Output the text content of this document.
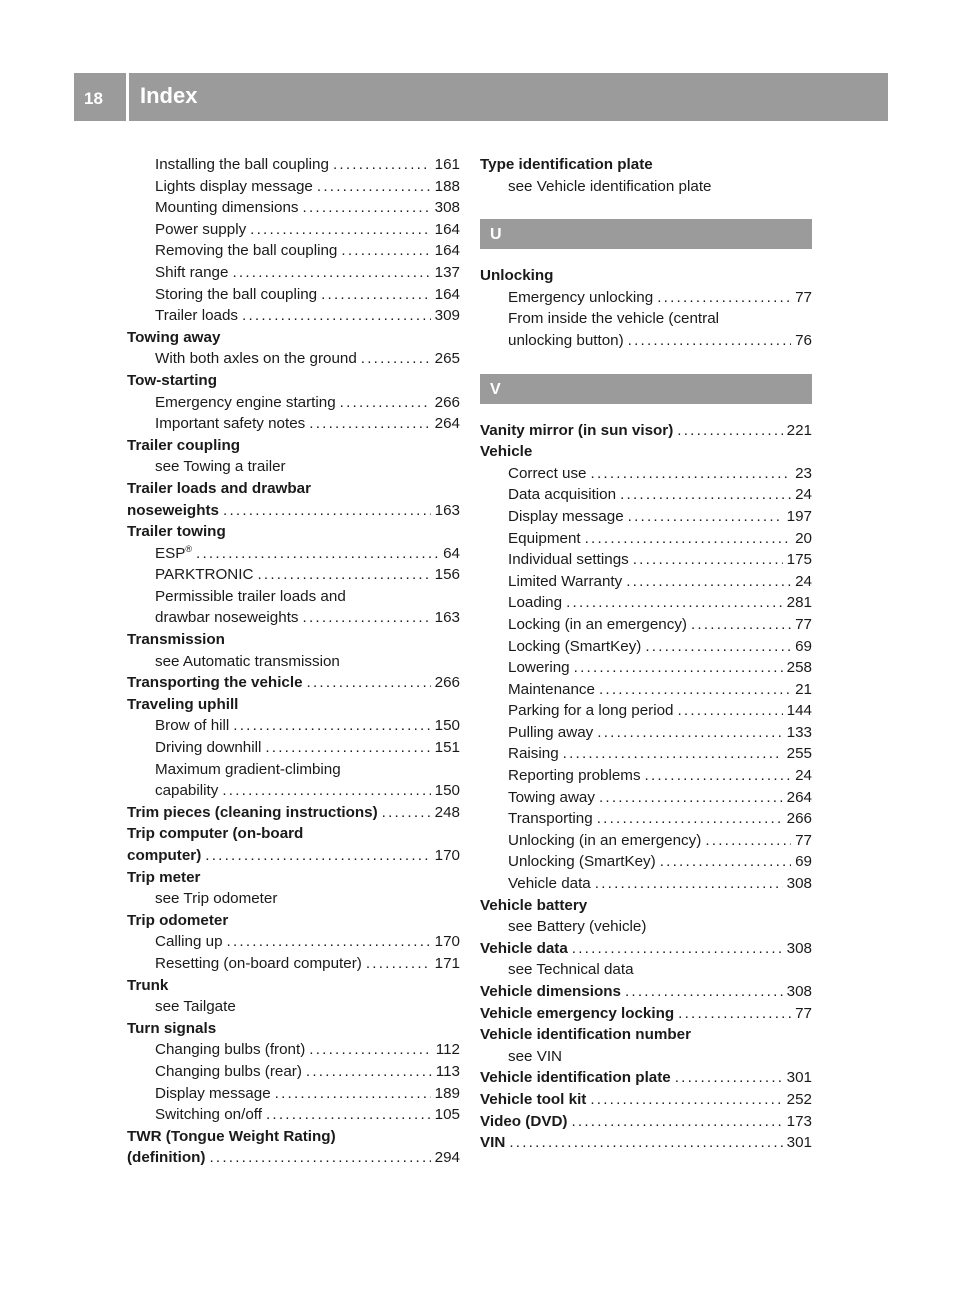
18 Index
Installing the ball coupling . . .	161
Lights display message . . .	188
Mounting dimensions . . .	308
Power supply . . .	164
Removing the ball coupling . . .	164
Shift range . . .	137
Storing the ball coupling . . .	164
Trailer loads . . .	309
Towing away
With both axles on the ground . . .	265
Tow-starting
Emergency engine starting . . .	266
Important safety notes . . .	264
Trailer coupling
see Towing a trailer
Trailer loads and drawbar
noseweights . . .	163
Trailer towing
ESP® . . .	64
PARKTRONIC . . .	156
Permissible trailer loads and
drawbar noseweights . . .	163
Transmission
see Automatic transmission
Transporting the vehicle . . .	266
Traveling uphill
Brow of hill . . .	150
Driving downhill . . .	151
Maximum gradient-climbing
capability . . .	150
Trim pieces (cleaning instructions) . . .	248
Trip computer (on-board
computer) . . .	170
Trip meter
see Trip odometer
Trip odometer
Calling up . . .	170
Resetting (on-board computer) . . .	171
Trunk
see Tailgate
Turn signals
Changing bulbs (front) . . .	112
Changing bulbs (rear) . . .	113
Display message . . .	189
Switching on/off . . .	105
TWR (Tongue Weight Rating)
(definition) . . .	294
Type identification plate
see Vehicle identification plate
U
Unlocking
Emergency unlocking . . .	77
From inside the vehicle (central
unlocking button) . . .	76
V
Vanity mirror (in sun visor) . . .	221
Vehicle
Correct use . . .	23
Data acquisition . . .	24
Display message . . .	197
Equipment . . .	20
Individual settings . . .	175
Limited Warranty . . .	24
Loading . . .	281
Locking (in an emergency) . . .	77
Locking (SmartKey) . . .	69
Lowering . . .	258
Maintenance . . .	21
Parking for a long period . . .	144
Pulling away . . .	133
Raising . . .	255
Reporting problems . . .	24
Towing away . . .	264
Transporting . . .	266
Unlocking (in an emergency) . . .	77
Unlocking (SmartKey) . . .	69
Vehicle data . . .	308
Vehicle battery
see Battery (vehicle)
Vehicle data . . .	308
see Technical data
Vehicle dimensions . . .	308
Vehicle emergency locking . . .	77
Vehicle identification number
see VIN
Vehicle identification plate . . .	301
Vehicle tool kit . . .	252
Video (DVD) . . .	173
VIN . . .	301
